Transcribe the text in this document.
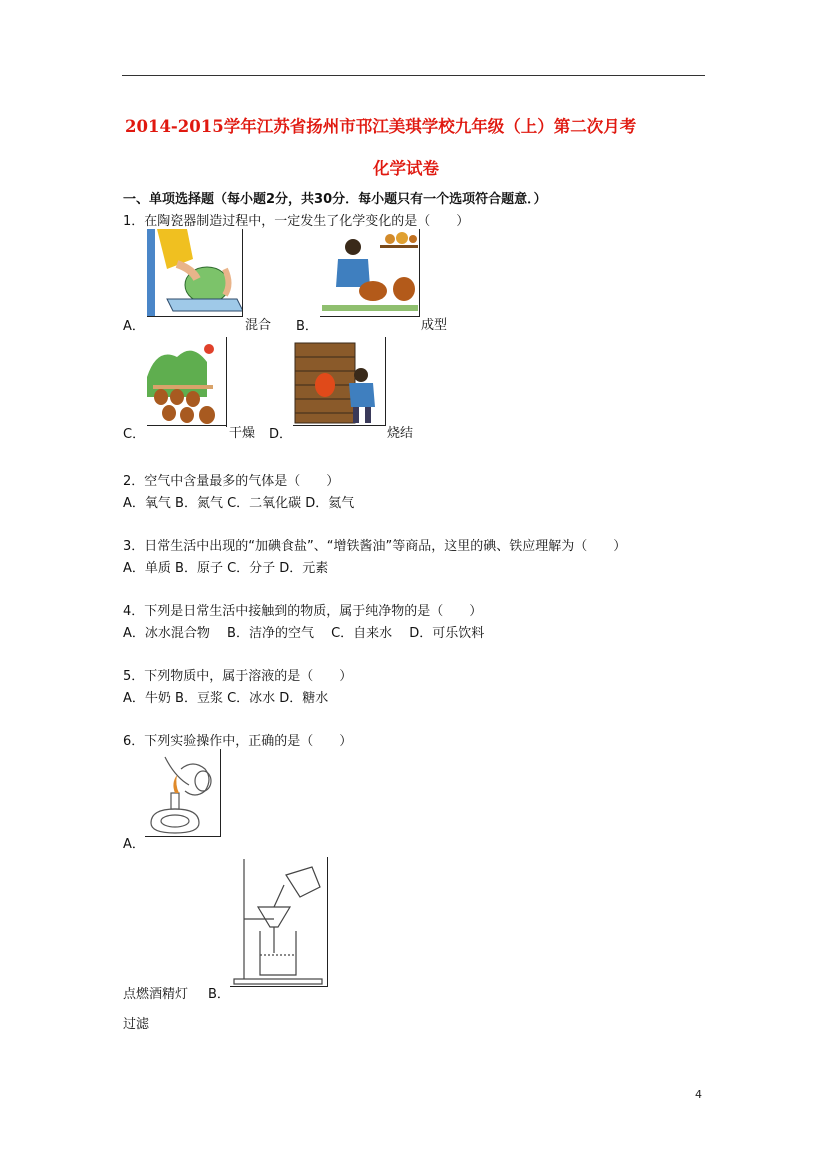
2014-2015学年江苏省扬州市邗江美琪学校九年级（上）第二次月考
化学试卷
一、单项选择题（每小题2分，共30分．每小题只有一个选项符合题意．）
1．在陶瓷器制造过程中，一定发生了化学变化的是（　　）
A．	混合 B．	成型
C．	干燥 D．	烧结
2．空气中含量最多的气体是（　　）
A．氧气 B．氮气 C．二氧化碳 D．氦气
3．日常生活中出现的“加碘食盐”、“增铁酱油”等商品，这里的碘、铁应理解为（　　）
A．单质 B．原子 C．分子 D．元素
4．下列是日常生活中接触到的物质，属于纯净物的是（　　）
A．冰水混合物　 B．洁净的空气　 C．自来水　 D．可乐饮料
5．下列物质中，属于溶液的是（　　）
A．牛奶 B．豆浆 C．冰水 D．糖水
6．下列实验操作中，正确的是（　　）
A．
点燃酒精灯 B．
过滤
4
